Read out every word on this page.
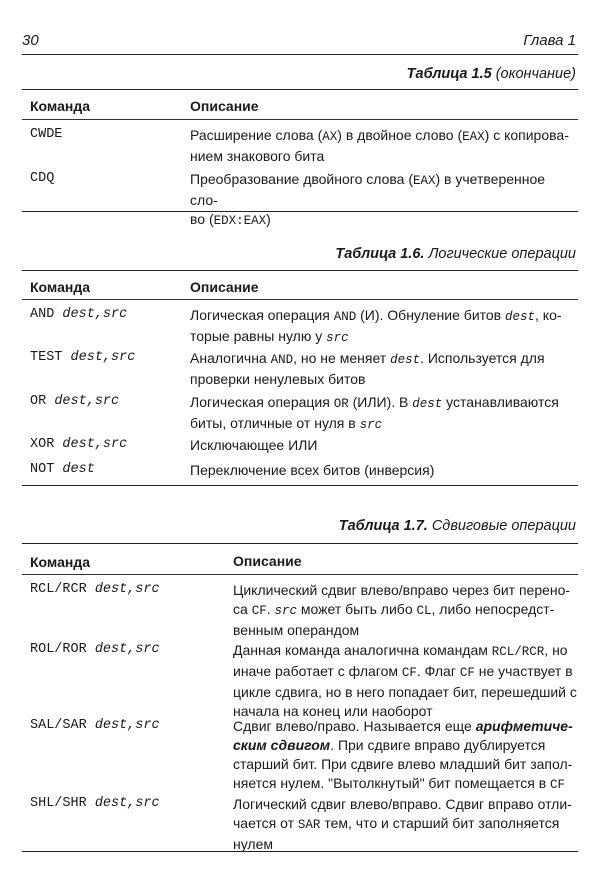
30	Глава 1
Таблица 1.5 (окончание)
Команда	Описание
CWDE	Расширение слова (AX) в двойное слово (EAX) с копирова-
нием знакового бита
CDQ	Преобразование двойного слова (EAX) в учетверенное сло-
во (EDX:EAX)
Таблица 1.6. Логические операции
Команда	Описание
AND dest,src	Логическая операция AND (И). Обнуление битов dest, ко-
торые равны нулю у src
TEST dest,src	Аналогична AND, но не меняет dest. Используется для
проверки ненулевых битов
OR dest,src	Логическая операция OR (ИЛИ). В dest устанавливаются
биты, отличные от нуля в src
XOR dest,src	Исключающее ИЛИ
NOT dest	Переключение всех битов (инверсия)
Таблица 1.7. Сдвиговые операции
Команда	Описание
RCL/RCR dest,src	Циклический сдвиг влево/вправо через бит перено-
са CF. src может быть либо CL, либо непосредст-
венным операндом
ROL/ROR dest,src	Данная команда аналогична командам RCL/RCR, но
иначе работает с флагом CF. Флаг CF не участвует в
цикле сдвига, но в него попадает бит, перешедший с
начала на конец или наоборот
SAL/SAR dest,src	Сдвиг влево/право. Называется еще арифметиче-
ским сдвигом. При сдвиге вправо дублируется
старший бит. При сдвиге влево младший бит запол-
няется нулем. "Вытолкнутый" бит помещается в CF
SHL/SHR dest,src	Логический сдвиг влево/вправо. Сдвиг вправо отли-
чается от SAR тем, что и старший бит заполняется
нулем
